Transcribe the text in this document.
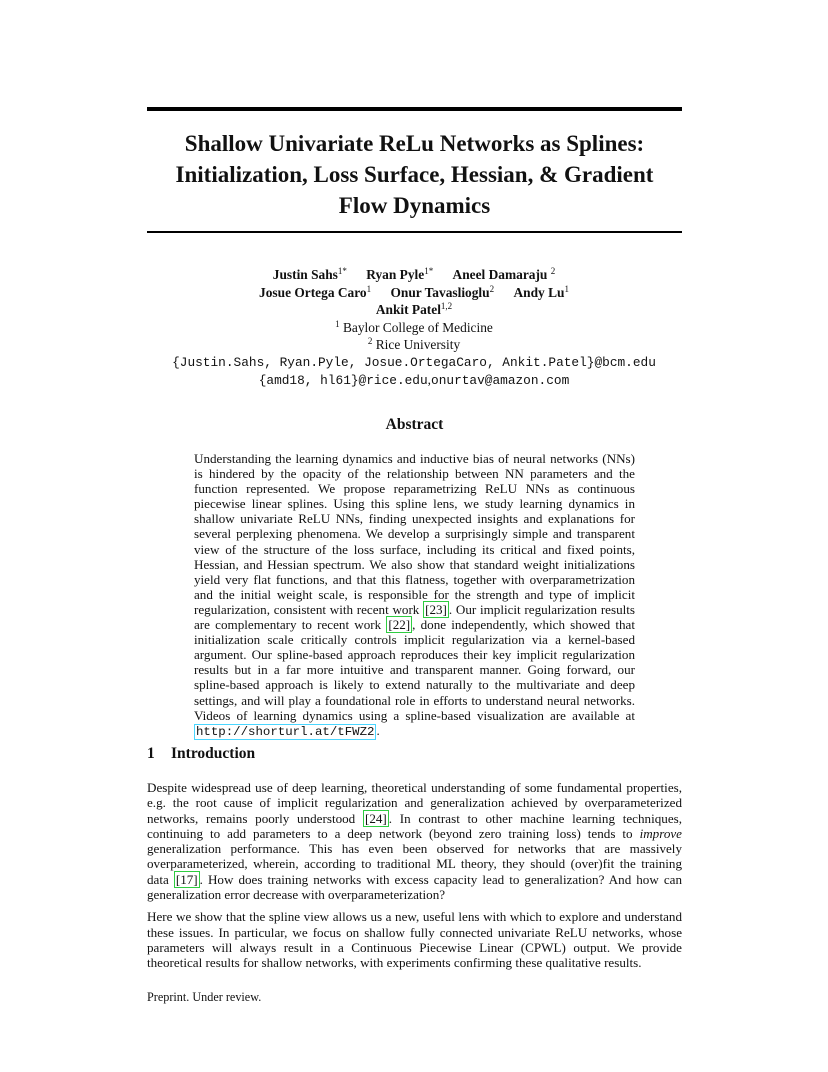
Shallow Univariate ReLu Networks as Splines:
Initialization, Loss Surface, Hessian, & Gradient
Flow Dynamics
Justin Sahs$^{1*}$ Ryan Pyle$^{1*}$ Aneel Damaraju $^2$
Josue Ortega Caro$^1$ Onur Tavaslioglu$^2$ Andy Lu$^1$
Ankit Patel$^{1,2}$
$^1$ Baylor College of Medicine
$^2$ Rice University
{Justin.Sahs, Ryan.Pyle, Josue.OrtegaCaro, Ankit.Patel}@bcm.edu
{amd18, hl61}@rice.edu,onurtav@amazon.com
Abstract
Understanding the learning dynamics and inductive bias of neural networks (NNs) is hindered by the opacity of the relationship between NN parameters and the function represented. We propose reparametrizing ReLU NNs as continuous piecewise linear splines. Using this spline lens, we study learning dynamics in shallow univariate ReLU NNs, finding unexpected insights and explanations for several perplexing phenomena. We develop a surprisingly simple and transparent view of the structure of the loss surface, including its critical and fixed points, Hessian, and Hessian spectrum. We also show that standard weight initializations yield very flat functions, and that this flatness, together with overparametrization and the initial weight scale, is responsible for the strength and type of implicit regularization, consistent with recent work [23] . Our implicit regularization results are complementary to recent work [22] , done independently, which showed that initialization scale critically controls implicit regularization via a kernel-based argument. Our spline-based approach reproduces their key implicit regularization results but in a far more intuitive and transparent manner. Going forward, our spline-based approach is likely to extend naturally to the multivariate and deep settings, and will play a foundational role in efforts to understand neural networks. Videos of learning dynamics using a spline-based visualization are available at http://shorturl.at/tFWZ2 .
1 Introduction

Despite widespread use of deep learning, theoretical understanding of some fundamental properties, e.g. the root cause of implicit regularization and generalization achieved by overparameterized networks, remains poorly understood [24] . In contrast to other machine learning techniques, continuing to add parameters to a deep network (beyond zero training loss) tends to improve generalization performance. This has even been observed for networks that are massively overparameterized, wherein, according to traditional ML theory, they should (over)fit the training data [17] . How does training networks with excess capacity lead to generalization? And how can generalization error decrease with overparameterization?

Here we show that the spline view allows us a new, useful lens with which to explore and understand these issues. In particular, we focus on shallow fully connected univariate ReLU networks, whose parameters will always result in a Continuous Piecewise Linear (CPWL) output. We provide theoretical results for shallow networks, with experiments confirming these qualitative results.

Preprint. Under review.
